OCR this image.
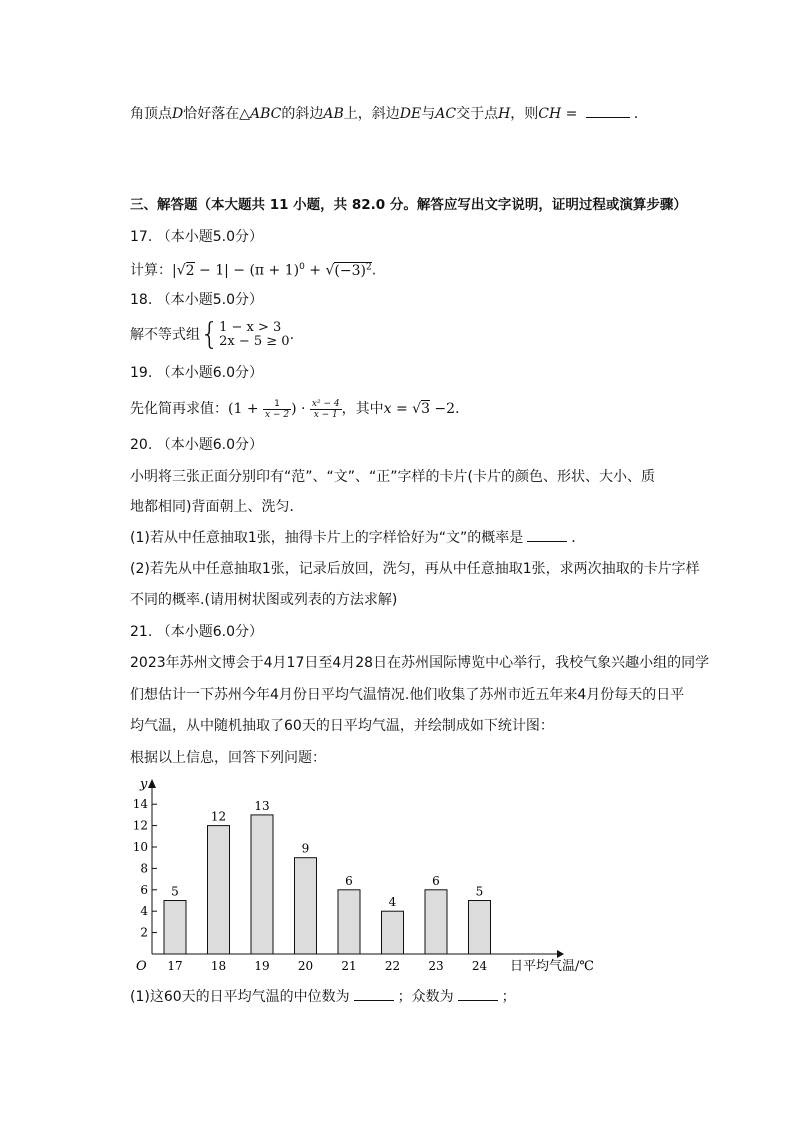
角顶点D恰好落在△ABC的斜边AB上，斜边DE与AC交于点H，则CH =	．
三、解答题（本大题共 11 小题，共 82.0 分。解答应写出文字说明，证明过程或演算步骤）
17. （本小题5.0分）
计算：$|√2 - 1| - (\pi + 1)^0 + √(-3)^2$.
18. （本小题5.0分）
解不等式组{ 1 − x > 3
2x − 5 ≥ 0 .
19. （本小题6.0分）
先化简再求值：($1 + \frac{1}{x - 2}$ ) · $\frac{\text{x² − 4}}{x - 1}$ ，其中x = √3 −2．
20. （本小题6.0分）
小明将三张正面分别印有“范”、“文”、“正”字样的卡片(卡片的颜色、形状、大小、质
地都相同)背面朝上、洗匀．
(1)若从中任意抽取1张，抽得卡片上的字样恰好为“文”的概率是	．
(2)若先从中任意抽取1张，记录后放回，洗匀，再从中任意抽取1张，求两次抽取的卡片字样
不同的概率.(请用树状图或列表的方法求解)
21. （本小题6.0分）
2023年苏州文博会于4月17日至4月28日在苏州国际博览中心举行，我校气象兴趣小组的同学
们想估计一下苏州今年4月份日平均气温情况.他们收集了苏州市近五年来4月份每天的日平
均气温，从中随机抽取了60天的日平均气温，并绘制成如下统计图：
根据以上信息，回答下列问题：
y
O	日平均气温/℃
2
4
6
8
10
12
14
5
17
12
18
13
19
9
20
6
21
4
22
6
23
5
24
(1)这60天的日平均气温的中位数为	；众数为	；
